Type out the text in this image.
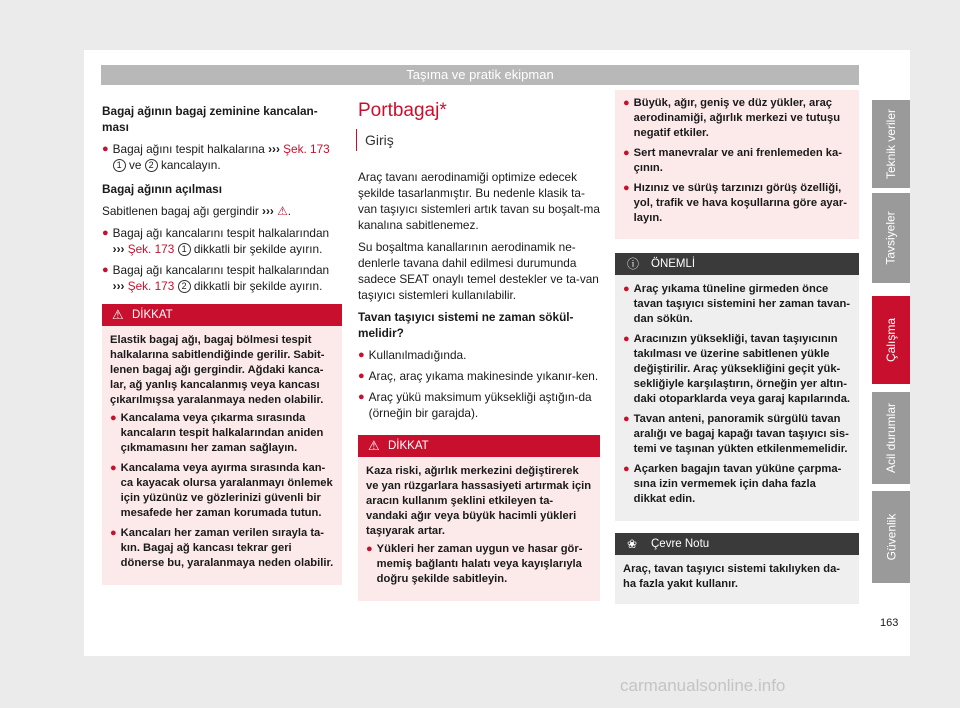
Taşıma ve pratik ekipman

Bagaj ağının bagaj zeminine kancalan-ması

● Bagaj ağını tespit halkalarına ››› Şek. 173 1 ve 2 kancalayın.

Bagaj ağının açılması

Sabitlenen bagaj ağı gergindir ››› ⚠.

● Bagaj ağı kancalarını tespit halkalarından ››› Şek. 173 1 dikkatli bir şekilde ayırın.
● Bagaj ağı kancalarını tespit halkalarından ››› Şek. 173 2 dikkatli bir şekilde ayırın.
⚠ DİKKAT

Elastik bagaj ağı, bagaj bölmesi tespit halkalarına sabitlendiğinde gerilir. Sabit-lenen bagaj ağı gergindir. Ağdaki kanca-lar, ağ yanlış kancalanmış veya kancası çıkarılmışsa yaralanmaya neden olabilir.

● Kancalama veya çıkarma sırasında kancaların tespit halkalarından aniden çıkmamasını her zaman sağlayın.
● Kancalama veya ayırma sırasında kan-ca kayacak olursa yaralanmayı önlemek için yüzünüz ve gözlerinizi güvenli bir mesafede her zaman korumada tutun.
● Kancaları her zaman verilen sırayla ta-kın. Bagaj ağ kancası tekrar geri dönerse bu, yaralanmaya neden olabilir.
Portbagaj*
Giriş

Araç tavanı aerodinamiği optimize edecek şekilde tasarlanmıştır. Bu nedenle klasik ta-van taşıyıcı sistemleri artık tavan su boşalt-ma kanalına sabitlenemez.

Su boşaltma kanallarının aerodinamik ne-denlerle tavana dahil edilmesi durumunda sadece SEAT onaylı temel destekler ve ta-van taşıyıcı sistemleri kullanılabilir.

Tavan taşıyıcı sistemi ne zaman sökül-melidir?

● Kullanılmadığında.
● Araç, araç yıkama makinesinde yıkanır-ken.
● Araç yükü maksimum yüksekliği aştığın-da (örneğin bir garajda).
⚠ DİKKAT

Kaza riski, ağırlık merkezini değiştirerek ve yan rüzgarlara hassasiyeti artırmak için aracın kullanım şeklini etkileyen ta-vandaki ağır veya büyük hacimli yükleri taşıyarak artar.

● Yükleri her zaman uygun ve hasar gör-memiş bağlantı halatı veya kayışlarıyla doğru şekilde sabitleyin.
● Büyük, ağır, geniş ve düz yükler, araç aerodinamiği, ağırlık merkezi ve tutuşu negatif etkiler.
● Sert manevralar ve ani frenlemeden ka-çının.
● Hızınız ve sürüş tarzınızı görüş özelliği, yol, trafik ve hava koşullarına göre ayar-layın.
ⓘ ÖNEMLİ
● Araç yıkama tüneline girmeden önce tavan taşıyıcı sistemini her zaman tavan-dan sökün.
● Aracınızın yüksekliği, tavan taşıyıcının takılması ve üzerine sabitlenen yükle değiştirilir. Araç yüksekliğini geçit yük-sekliğiyle karşılaştırın, örneğin yer altın-daki otoparklarda veya garaj kapılarında.
● Tavan anteni, panoramik sürgülü tavan aralığı ve bagaj kapağı tavan taşıyıcı sis-temi ve taşınan yükten etkilenmemelidir.
● Açarken bagajın tavan yüküne çarpma-sına izin vermemek için daha fazla dikkat edin.
❀ Çevre Notu

Araç, tavan taşıyıcı sistemi takılıyken da-ha fazla yakıt kullanır.

Teknik veriler
Tavsiyeler
Çalışma
Acil durumlar
Güvenlik
163
carmanualsonline.info
